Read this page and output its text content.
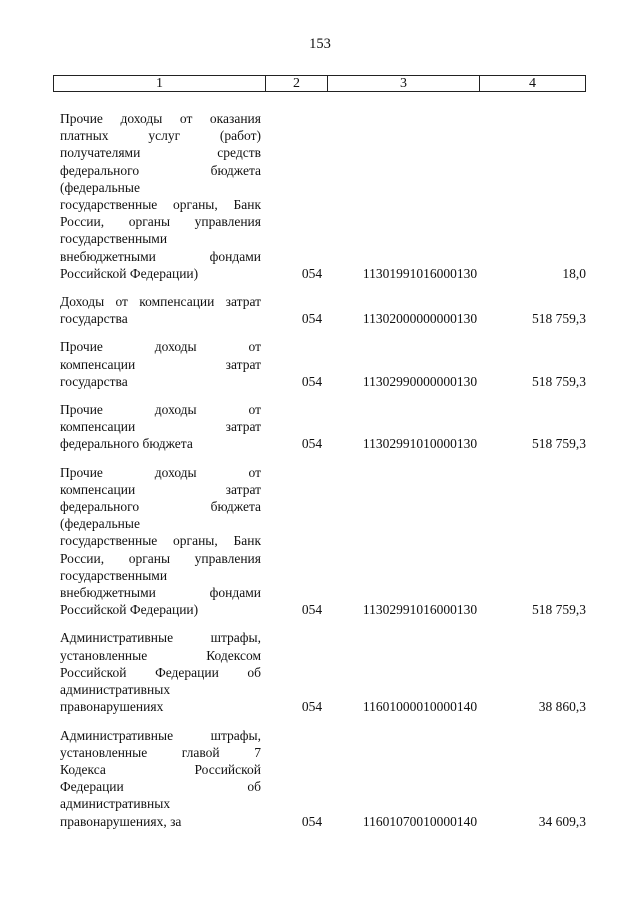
153
1	2	3	4
Прочие доходы от оказания
платных услуг (работ)
получателями средств
федерального бюджета
(федеральные
государственные органы, Банк
России, органы управления
государственными
внебюджетными фондами
Российской Федерации)	054	11301991016000130	18,0
Доходы от компенсации затрат
государства	054	11302000000000130	518 759,3
Прочие доходы от
компенсации затрат
государства	054	11302990000000130	518 759,3
Прочие доходы от
компенсации затрат
федерального бюджета	054	11302991010000130	518 759,3
Прочие доходы от
компенсации затрат
федерального бюджета
(федеральные
государственные органы, Банк
России, органы управления
государственными
внебюджетными фондами
Российской Федерации)	054	11302991016000130	518 759,3
Административные штрафы,
установленные Кодексом
Российской Федерации об
административных
правонарушениях	054	11601000010000140	38 860,3
Административные штрафы,
установленные главой 7
Кодекса Российской
Федерации об
административных
правонарушениях, за	054	11601070010000140	34 609,3
